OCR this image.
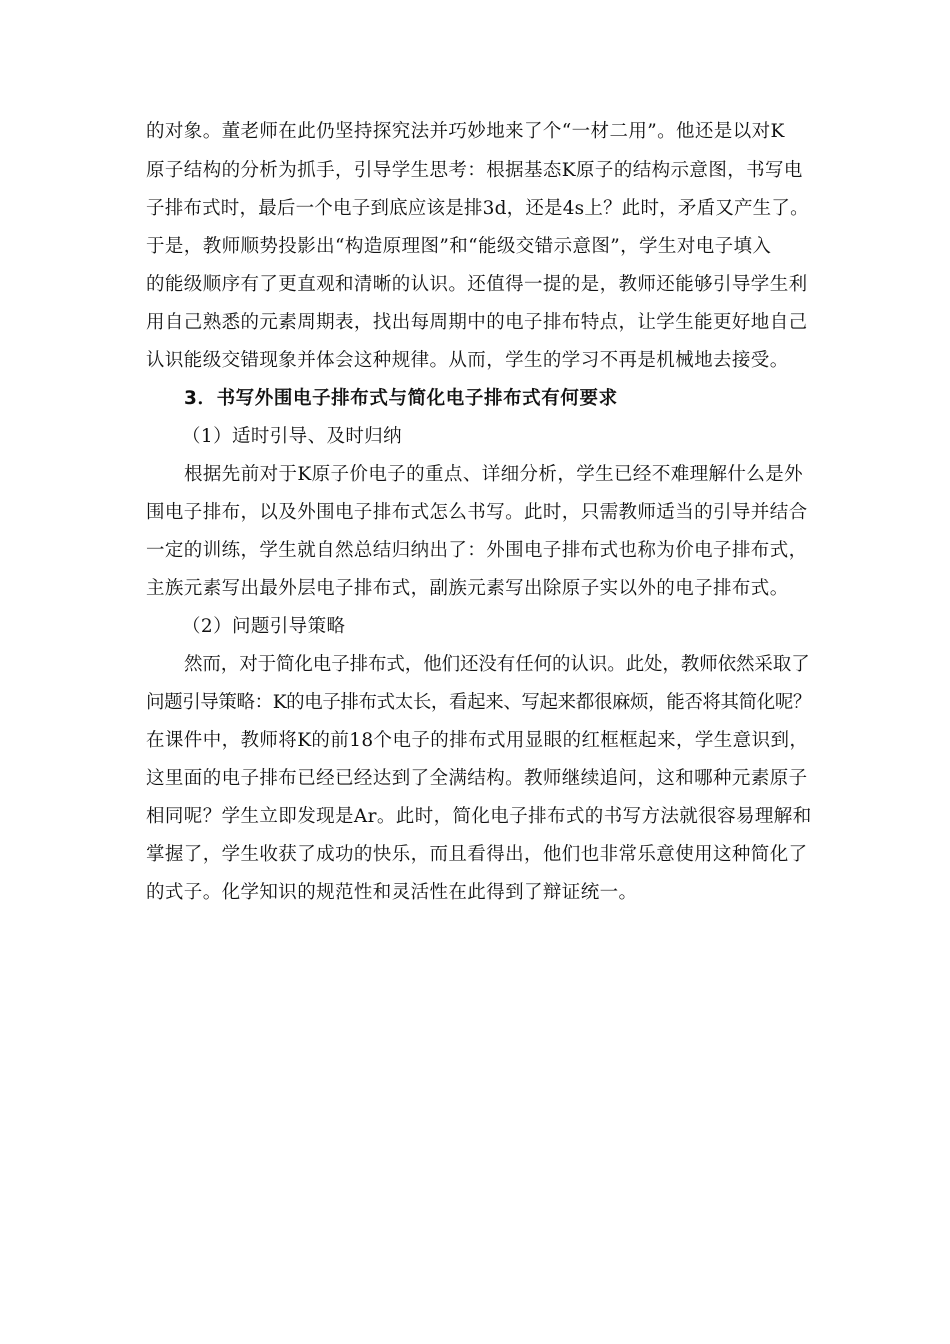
的对象。董老师在此仍坚持探究法并巧妙地来了个“一材二用”。他还是以对K
原子结构的分析为抓手，引导学生思考：根据基态K原子的结构示意图，书写电
子排布式时，最后一个电子到底应该是排3d，还是4s上？此时，矛盾又产生了。
于是，教师顺势投影出“构造原理图”和“能级交错示意图”，学生对电子填入
的能级顺序有了更直观和清晰的认识。还值得一提的是，教师还能够引导学生利
用自己熟悉的元素周期表，找出每周期中的电子排布特点，让学生能更好地自己
认识能级交错现象并体会这种规律。从而，学生的学习不再是机械地去接受。
3．书写外围电子排布式与简化电子排布式有何要求
（1）适时引导、及时归纳
根据先前对于K原子价电子的重点、详细分析，学生已经不难理解什么是外
围电子排布，以及外围电子排布式怎么书写。此时，只需教师适当的引导并结合
一定的训练，学生就自然总结归纳出了：外围电子排布式也称为价电子排布式，
主族元素写出最外层电子排布式，副族元素写出除原子实以外的电子排布式。
（2）问题引导策略
然而，对于简化电子排布式，他们还没有任何的认识。此处，教师依然采取了
问题引导策略：K的电子排布式太长，看起来、写起来都很麻烦，能否将其简化呢？
在课件中，教师将K的前18个电子的排布式用显眼的红框框起来，学生意识到，
这里面的电子排布已经已经达到了全满结构。教师继续追问，这和哪种元素原子
相同呢？学生立即发现是Ar。此时，简化电子排布式的书写方法就很容易理解和
掌握了，学生收获了成功的快乐，而且看得出，他们也非常乐意使用这种简化了
的式子。化学知识的规范性和灵活性在此得到了辩证统一。
